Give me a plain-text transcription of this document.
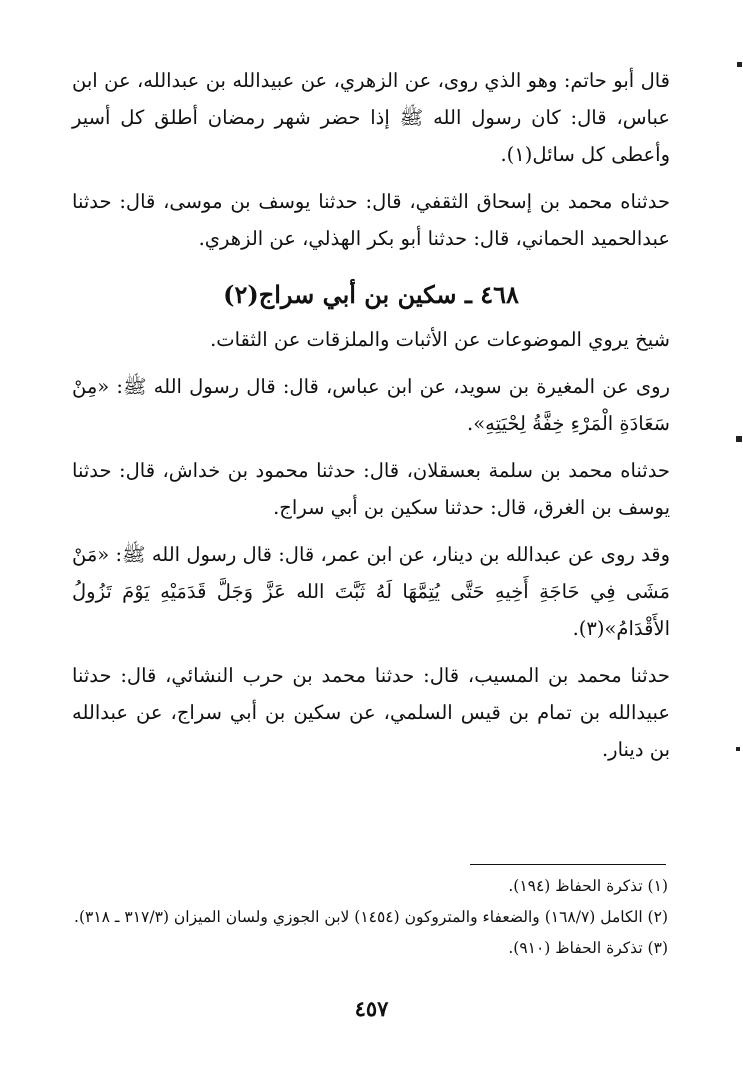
قال أبو حاتم: وهو الذي روى، عن الزهري، عن عبيدالله بن عبدالله، عن ابن عباس، قال: كان رسول الله ﷺ إذا حضر شهر رمضان أطلق كل أسير وأعطى كل سائل(١).

حدثناه محمد بن إسحاق الثقفي، قال: حدثنا يوسف بن موسى، قال: حدثنا عبدالحميد الحماني، قال: حدثنا أبو بكر الهذلي، عن الزهري.

٤٦٨ ـ سكين بن أبي سراج(٢)

شيخ يروي الموضوعات عن الأثبات والملزقات عن الثقات.

روى عن المغيرة بن سويد، عن ابن عباس، قال: قال رسول الله ﷺ: «مِنْ سَعَادَةِ الْمَرْءِ خِفَّةُ لِحْيَتِهِ».

حدثناه محمد بن سلمة بعسقلان، قال: حدثنا محمود بن خداش، قال: حدثنا يوسف بن الغرق، قال: حدثنا سكين بن أبي سراج.

وقد روى عن عبدالله بن دينار، عن ابن عمر، قال: قال رسول الله ﷺ: «مَنْ مَشَى فِي حَاجَةِ أَخِيهِ حَتَّى يُتِمَّهَا لَهُ ثَبَّتَ الله عَزَّ وَجَلَّ قَدَمَيْهِ يَوْمَ تَزُولُ الأَقْدَامُ»(٣).

حدثنا محمد بن المسيب، قال: حدثنا محمد بن حرب النشائي، قال: حدثنا عبيدالله بن تمام بن قيس السلمي، عن سكين بن أبي سراج، عن عبدالله بن دينار.

(١) تذكرة الحفاظ (١٩٤).

(٢) الكامل (١٦٨/٧) والضعفاء والمتروكون (١٤٥٤) لابن الجوزي ولسان الميزان (٣١٧/٣ ـ ٣١٨).

(٣) تذكرة الحفاظ (٩١٠).

٤٥٧
